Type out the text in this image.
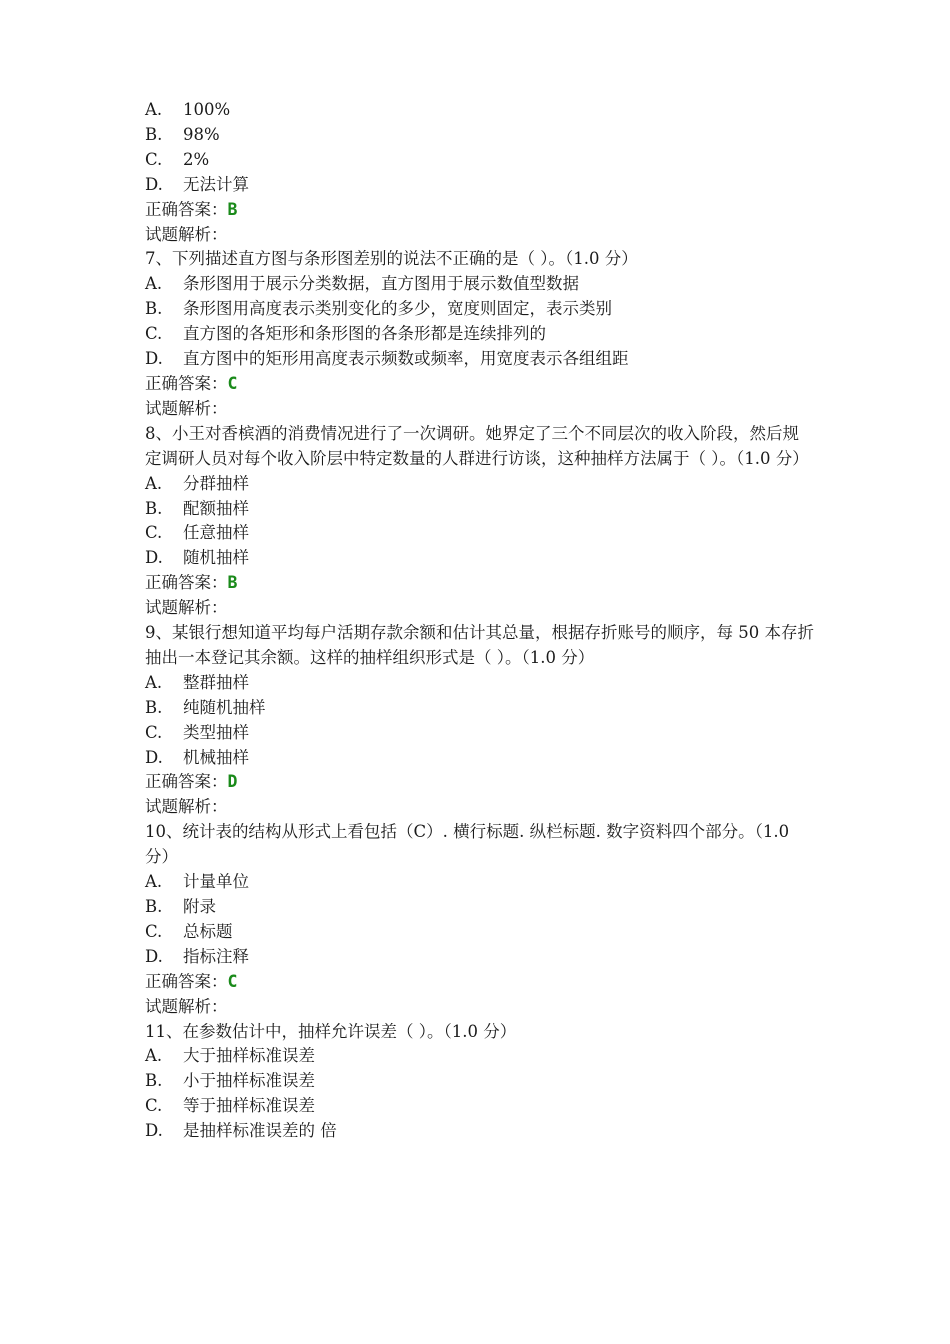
A.	100%
B.	98%
C.	2%
D.	无法计算
正确答案：B
试题解析：
7、下列描述直方图与条形图差别的说法不正确的是（ ）。（1.0 分）
A.	条形图用于展示分类数据，直方图用于展示数值型数据
B.	条形图用高度表示类别变化的多少，宽度则固定，表示类别
C.	直方图的各矩形和条形图的各条形都是连续排列的
D.	直方图中的矩形用高度表示频数或频率，用宽度表示各组组距
正确答案：C
试题解析：
8、小王对香槟酒的消费情况进行了一次调研。她界定了三个不同层次的收入阶段，然后规定调研人员对每个收入阶层中特定数量的人群进行访谈，这种抽样方法属于（ ）。（1.0 分）
A.	分群抽样
B.	配额抽样
C.	任意抽样
D.	随机抽样
正确答案：B
试题解析：
9、某银行想知道平均每户活期存款余额和估计其总量，根据存折账号的顺序，每 50 本存折抽出一本登记其余额。这样的抽样组织形式是（ ）。（1.0 分）
A.	整群抽样
B.	纯随机抽样
C.	类型抽样
D.	机械抽样
正确答案：D
试题解析：
10、统计表的结构从形式上看包括（C）. 横行标题. 纵栏标题. 数字资料四个部分。（1.0 分）
A.	计量单位
B.	附录
C.	总标题
D.	指标注释
正确答案：C
试题解析：
11、在参数估计中，抽样允许误差（ ）。（1.0 分）
A.	大于抽样标准误差
B.	小于抽样标准误差
C.	等于抽样标准误差
D.	是抽样标准误差的 倍
